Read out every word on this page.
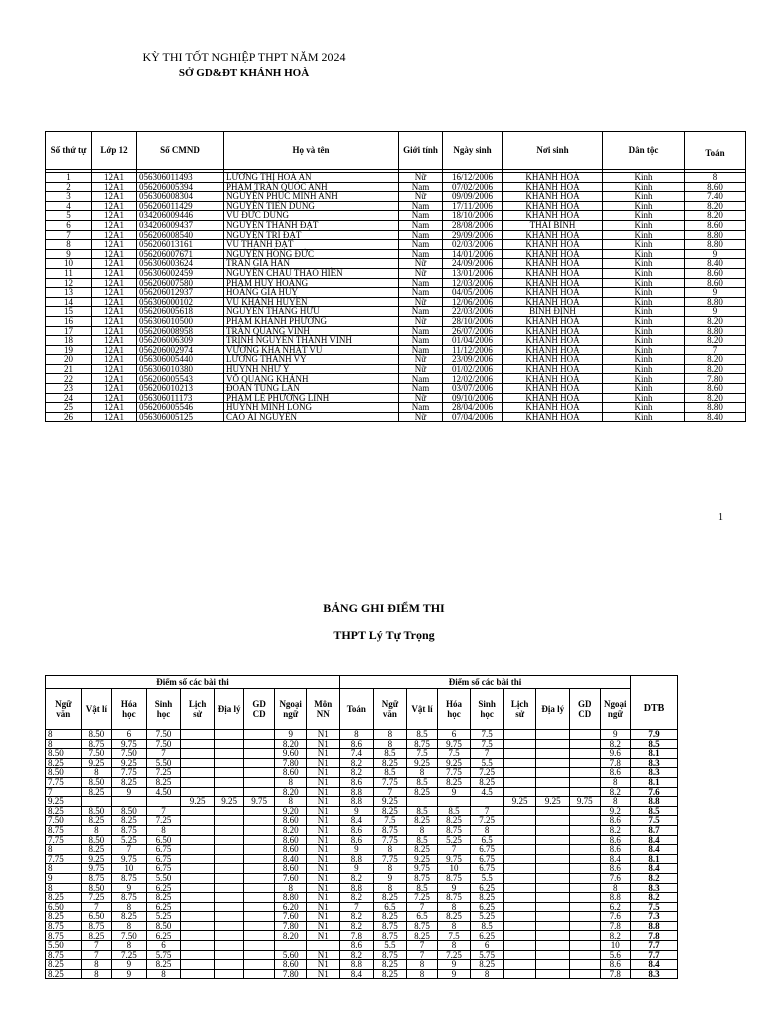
KỲ THI TỐT NGHIỆP THPT NĂM 2024
SỞ GD&ĐT KHÁNH HOÀ
Số thứ tự	Lớp 12	Số CMND	Họ và tên	Giới tính	Ngày sinh	Nơi sinh	Dân tộc	Toán

1	12A1	056306011493	LƯƠNG THỊ HOÀ AN	Nữ	16/12/2006	KHÁNH HOÀ	Kinh	8
2	12A1	056206005394	PHẠM TRẦN QUỐC ANH	Nam	07/02/2006	KHÁNH HOÀ	Kinh	8.60
3	12A1	056306008304	NGUYỄN PHÚC MINH ANH	Nữ	09/09/2006	KHÁNH HOÀ	Kinh	7.40
4	12A1	056206011429	NGUYỄN TIẾN DŨNG	Nam	17/11/2006	KHÁNH HOÀ	Kinh	8.20
5	12A1	034206009446	VŨ ĐỨC DŨNG	Nam	18/10/2006	KHÁNH HOÀ	Kinh	8.20
6	12A1	034206009437	NGUYỄN THÀNH ĐẠT	Nam	28/08/2006	THÁI BÌNH	Kinh	8.60
7	12A1	056206008540	NGUYỄN TRÍ ĐẠT	Nam	29/09/2006	KHÁNH HOÀ	Kinh	8.80
8	12A1	056206013161	VŨ THÀNH ĐẠT	Nam	02/03/2006	KHÁNH HOÀ	Kinh	8.80
9	12A1	056206007671	NGUYỄN HỒNG ĐỨC	Nam	14/01/2006	KHÁNH HOÀ	Kinh	9
10	12A1	056306003624	TRẦN GIA HÂN	Nữ	24/09/2006	KHÁNH HOÀ	Kinh	8.40
11	12A1	056306002459	NGUYỄN CHÂU THẢO HIỀN	Nữ	13/01/2006	KHÁNH HOÀ	Kinh	8.60
12	12A1	056206007580	PHẠM HUY HOÀNG	Nam	12/03/2006	KHÁNH HOÀ	Kinh	8.60
13	12A1	056206012937	HOÀNG GIA HUY	Nam	04/05/2006	KHÁNH HOÀ	Kinh	9
14	12A1	056306000102	VŨ KHÁNH HUYỀN	Nữ	12/06/2006	KHÁNH HOÀ	Kinh	8.80
15	12A1	056206005618	NGUYỄN THANG HỮU	Nam	22/03/2006	BÌNH ĐỊNH	Kinh	9
16	12A1	056306010500	PHẠM KHÁNH PHƯƠNG	Nữ	28/10/2006	KHÁNH HOÀ	Kinh	8.20
17	12A1	056206008958	TRẦN QUANG VINH	Nam	26/07/2006	KHÁNH HOÀ	Kinh	8.80
18	12A1	056206006309	TRỊNH NGUYỄN THÀNH VINH	Nam	01/04/2006	KHÁNH HOÀ	Kinh	8.20
19	12A1	056206002974	VƯƠNG KHA NHẬT VŨ	Nam	11/12/2006	KHÁNH HOÀ	Kinh	7
20	12A1	056306005440	LƯƠNG THANH VY	Nữ	23/09/2006	KHÁNH HOÀ	Kinh	8.20
21	12A1	056306010380	HUỲNH NHƯ Ý	Nữ	01/02/2006	KHÁNH HOÀ	Kinh	8.20
22	12A1	056206005543	VÕ QUANG KHÁNH	Nam	12/02/2006	KHÁNH HOÀ	Kinh	7.80
23	12A1	056206010213	ĐOÀN TÙNG LÂN	Nam	03/07/2006	KHÁNH HOÀ	Kinh	8.60
24	12A1	056306011173	PHẠM LÊ PHƯƠNG LINH	Nữ	09/10/2006	KHÁNH HOÀ	Kinh	8.20
25	12A1	056206005546	HUỲNH MINH LONG	Nam	28/04/2006	KHÁNH HOÀ	Kinh	8.80
26	12A1	056306005125	CAO ÁI NGUYÊN	Nữ	07/04/2006	KHÁNH HOÀ	Kinh	8.40
1
BẢNG GHI ĐIỂM THI
THPT Lý Tự Trọng
Điểm số các bài thi									Điểm số các bài thi									
Ngữ văn	Vật lí	Hóa học	Sinh học	Lịch sử	Địa lý	GD CD	Ngoại ngữ	Môn NN	Toán	Ngữ văn	Vật lí	Hóa học	Sinh học	Lịch sử	Địa lý	GD CD	Ngoại ngữ	DTB
8	8.50	6	7.50				9	N1	8	8	8.5	6	7.5				9	7.9
8	8.75	9.75	7.50				8.20	N1	8.6	8	8.75	9.75	7.5				8.2	8.5
8.50	7.50	7.50	7				9.60	N1	7.4	8.5	7.5	7.5	7				9.6	8.1
8.25	9.25	9.25	5.50				7.80	N1	8.2	8.25	9.25	9.25	5.5				7.8	8.3
8.50	8	7.75	7.25				8.60	N1	8.2	8.5	8	7.75	7.25				8.6	8.3
7.75	8.50	8.25	8.25				8	N1	8.6	7.75	8.5	8.25	8.25				8	8.1
7	8.25	9	4.50				8.20	N1	8.8	7	8.25	9	4.5				8.2	7.6
9.25				9.25	9.25	9.75	8	N1	8.8	9.25				9.25	9.25	9.75	8	8.8
8.25	8.50	8.50	7				9.20	N1	9	8.25	8.5	8.5	7				9.2	8.5
7.50	8.25	8.25	7.25				8.60	N1	8.4	7.5	8.25	8.25	7.25				8.6	7.5
8.75	8	8.75	8				8.20	N1	8.6	8.75	8	8.75	8				8.2	8.7
7.75	8.50	5.25	6.50				8.60	N1	8.6	7.75	8.5	5.25	6.5				8.6	8.4
8	8.25	7	6.75				8.60	N1	9	8	8.25	7	6.75				8.6	8.4
7.75	9.25	9.75	6.75				8.40	N1	8.8	7.75	9.25	9.75	6.75				8.4	8.1
8	9.75	10	6.75				8.60	N1	9	8	9.75	10	6.75				8.6	8.4
9	8.75	8.75	5.50				7.60	N1	8.2	9	8.75	8.75	5.5				7.6	8.2
8	8.50	9	6.25				8	N1	8.8	8	8.5	9	6.25				8	8.3
8.25	7.25	8.75	8.25				8.80	N1	8.2	8.25	7.25	8.75	8.25				8.8	8.2
6.50	7	8	6.25				6.20	N1	7	6.5	7	8	6.25				6.2	7.5
8.25	6.50	8.25	5.25				7.60	N1	8.2	8.25	6.5	8.25	5.25				7.6	7.3
8.75	8.75	8	8.50				7.80	N1	8.2	8.75	8.75	8	8.5				7.8	8.8
8.75	8.25	7.50	6.25				8.20	N1	7.8	8.75	8.25	7.5	6.25				8.2	7.8
5.50	7	8	6						8.6	5.5	7	8	6				10	7.7
8.75	7	7.25	5.75				5.60	N1	8.2	8.75	7	7.25	5.75				5.6	7.7
8.25	8	9	8.25				8.60	N1	8.8	8.25	8	9	8.25				8.6	8.4
8.25	8	9	8				7.80	N1	8.4	8.25	8	9	8				7.8	8.3
